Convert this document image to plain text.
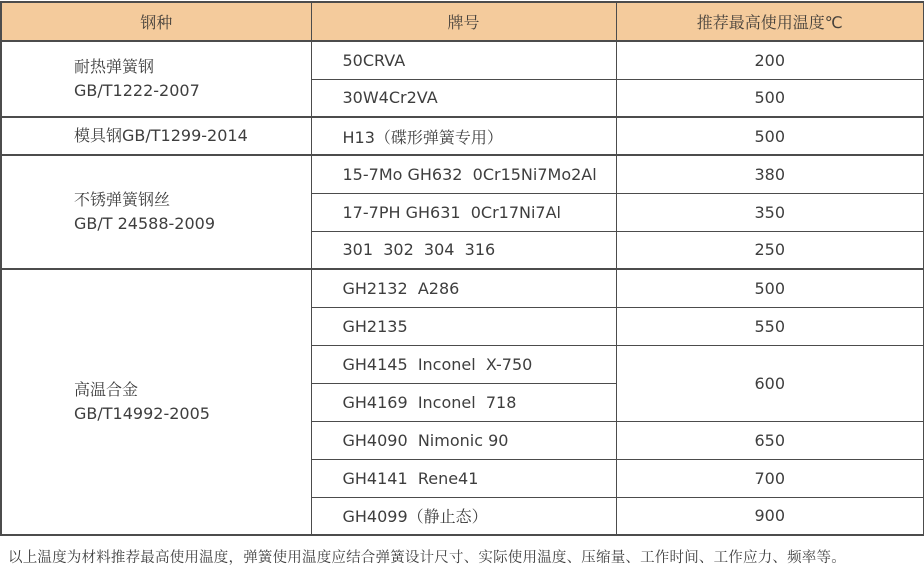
钢种	牌号	推荐最高使用温度℃

耐热弹簧钢
GB/T1222-2007	50CRVA	200
	30W4Cr2VA	500

模具钢GB/T1299-2014	H13（碟形弹簧专用）	500

不锈弹簧钢丝
GB/T 24588-2009	15-7Mo GH632  0Cr15Ni7Mo2Al	380
	17-7PH GH631  0Cr17Ni7Al	350
	301  302  304  316	250

高温合金
GB/T14992-2005	GH2132  A286	500
	GH2135	550
	GH4145  Inconel  X-750	600
	GH4169  Inconel  718	
	GH4090  Nimonic 90	650
	GH4141  Rene41	700
	GH4099（静止态）	900
以上温度为材料推荐最高使用温度，弹簧使用温度应结合弹簧设计尺寸、实际使用温度、压缩量、工作时间、工作应力、频率等。
